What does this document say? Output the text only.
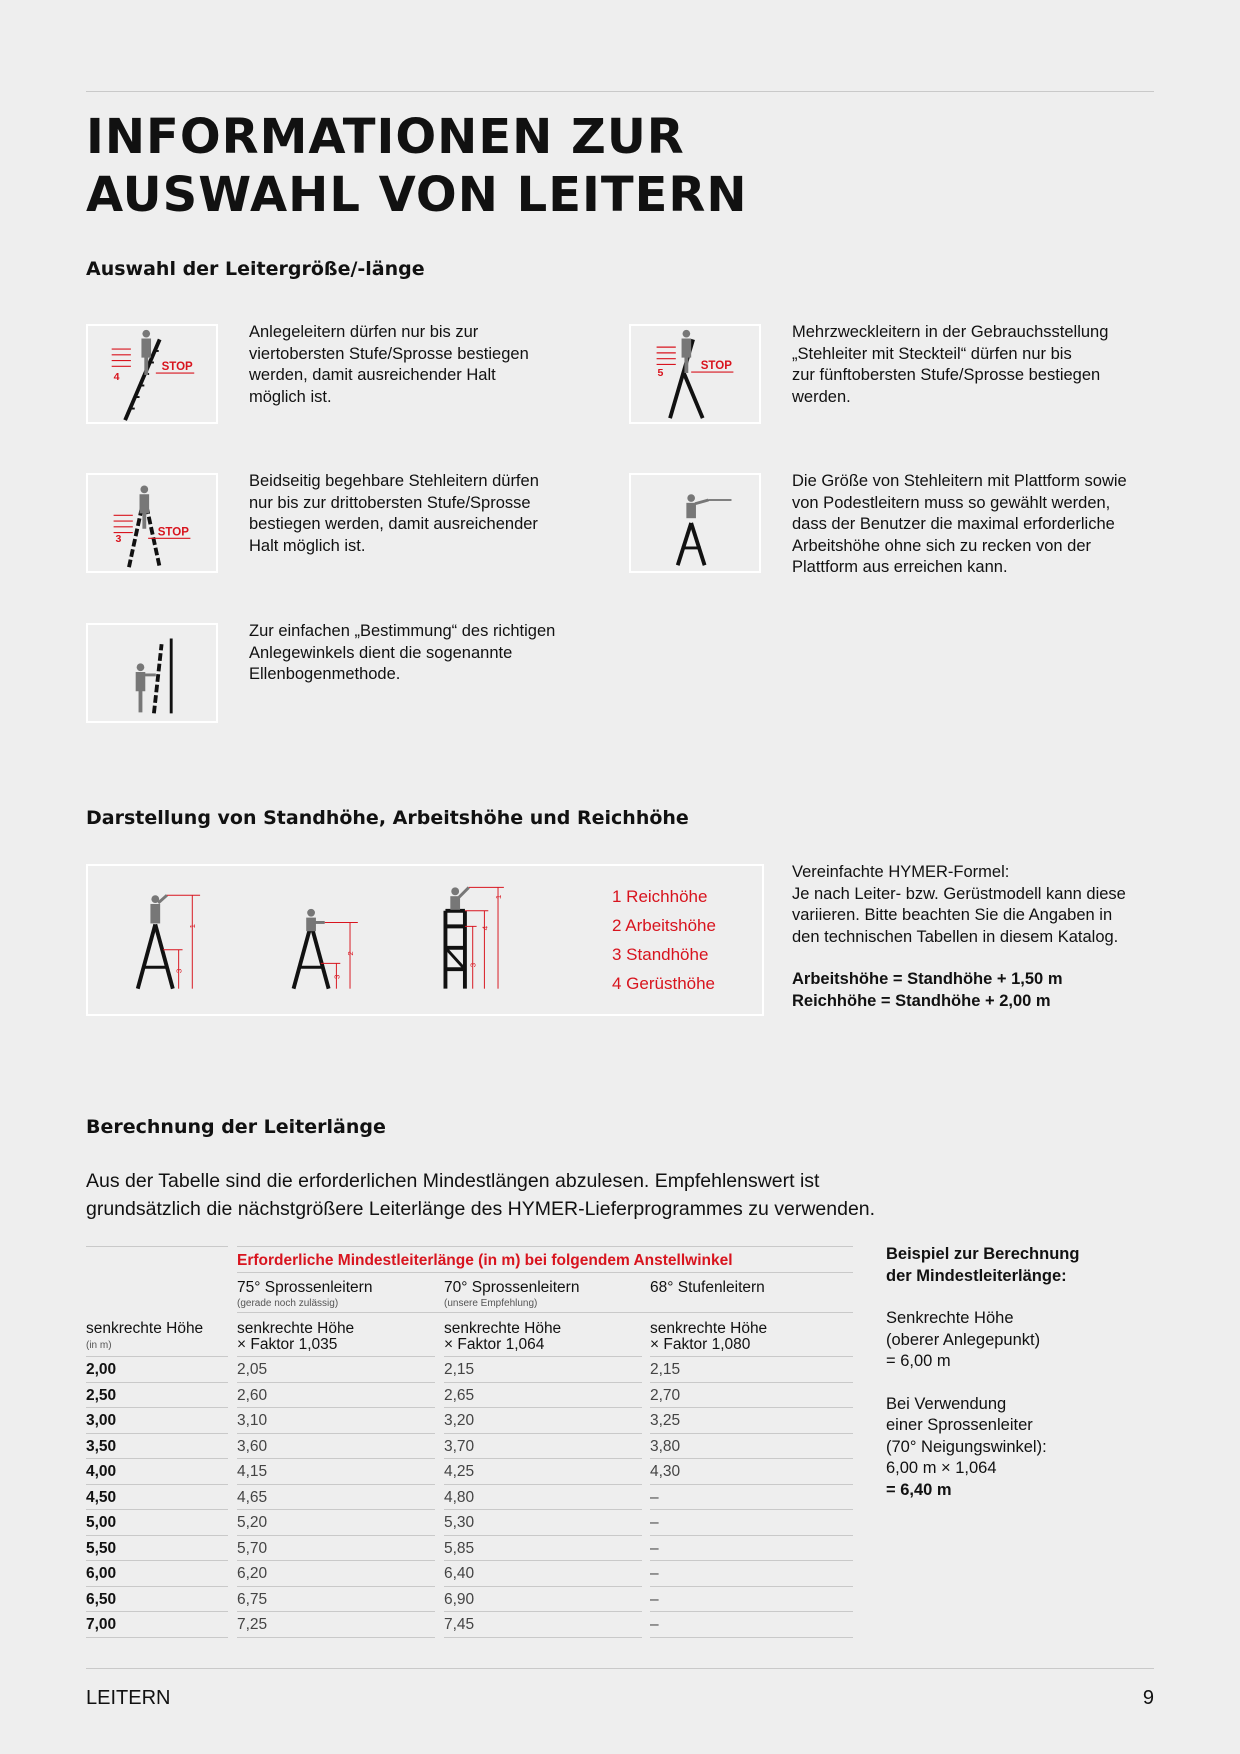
INFORMATIONEN ZUR
AUSWAHL VON LEITERN
Auswahl der Leitergröße/-länge
4
STOP
Anlegeleitern dürfen nur bis zur
viertobersten Stufe/Sprosse bestiegen
werden, damit ausreichender Halt
möglich ist.
5
STOP
Mehrzweckleitern in der Gebrauchsstellung
„Stehleiter mit Steckteil“ dürfen nur bis
zur fünftobersten Stufe/Sprosse bestiegen
werden.
3
STOP
Beidseitig begehbare Stehleitern dürfen
nur bis zur drittobersten Stufe/Sprosse
bestiegen werden, damit ausreichender
Halt möglich ist.
Die Größe von Stehleitern mit Plattform sowie
von Podestleitern muss so gewählt werden,
dass der Benutzer die maximal erforderliche
Arbeitshöhe ohne sich zu recken von der
Plattform aus erreichen kann.
Zur einfachen „Bestimmung“ des richtigen
Anlegewinkels dient die sogenannte
Ellenbogenmethode.
Darstellung von Standhöhe, Arbeitshöhe und Reichhöhe
1
3
2
3
1
4
3
1 Reichhöhe
2 Arbeitshöhe
3 Standhöhe
4 Gerüsthöhe
Vereinfachte HYMER-Formel:
Je nach Leiter- bzw. Gerüstmodell kann diese
variieren. Bitte beachten Sie die Angaben in
den technischen Tabellen in diesem Katalog.
Arbeitshöhe = Standhöhe + 1,50 m
Reichhöhe = Standhöhe + 2,00 m
Berechnung der Leiterlänge
Aus der Tabelle sind die erforderlichen Mindestlängen abzulesen. Empfehlenswert ist
grundsätzlich die nächstgrößere Leiterlänge des HYMER-Lieferprogrammes zu verwenden.
Erforderliche Mindestleiterlänge (in m) bei folgendem Anstellwinkel
75° Sprossenleitern
(gerade noch zulässig)
70° Sprossenleitern
(unsere Empfehlung)
68° Stufenleitern
senkrechte Höhe
(in m)
senkrechte Höhe
× Faktor 1,035
senkrechte Höhe
× Faktor 1,064
senkrechte Höhe
× Faktor 1,080
2,00	2,05	2,15	2,15
2,50	2,60	2,65	2,70
3,00	3,10	3,20	3,25
3,50	3,60	3,70	3,80
4,00	4,15	4,25	4,30
4,50	4,65	4,80	–
5,00	5,20	5,30	–
5,50	5,70	5,85	–
6,00	6,20	6,40	–
6,50	6,75	6,90	–
7,00	7,25	7,45	–
Beispiel zur Berechnung
der Mindestleiterlänge:
Senkrechte Höhe
(oberer Anlegepunkt)
= 6,00 m
Bei Verwendung
einer Sprossenleiter
(70° Neigungswinkel):
6,00 m × 1,064
= 6,40 m
LEITERN	9
